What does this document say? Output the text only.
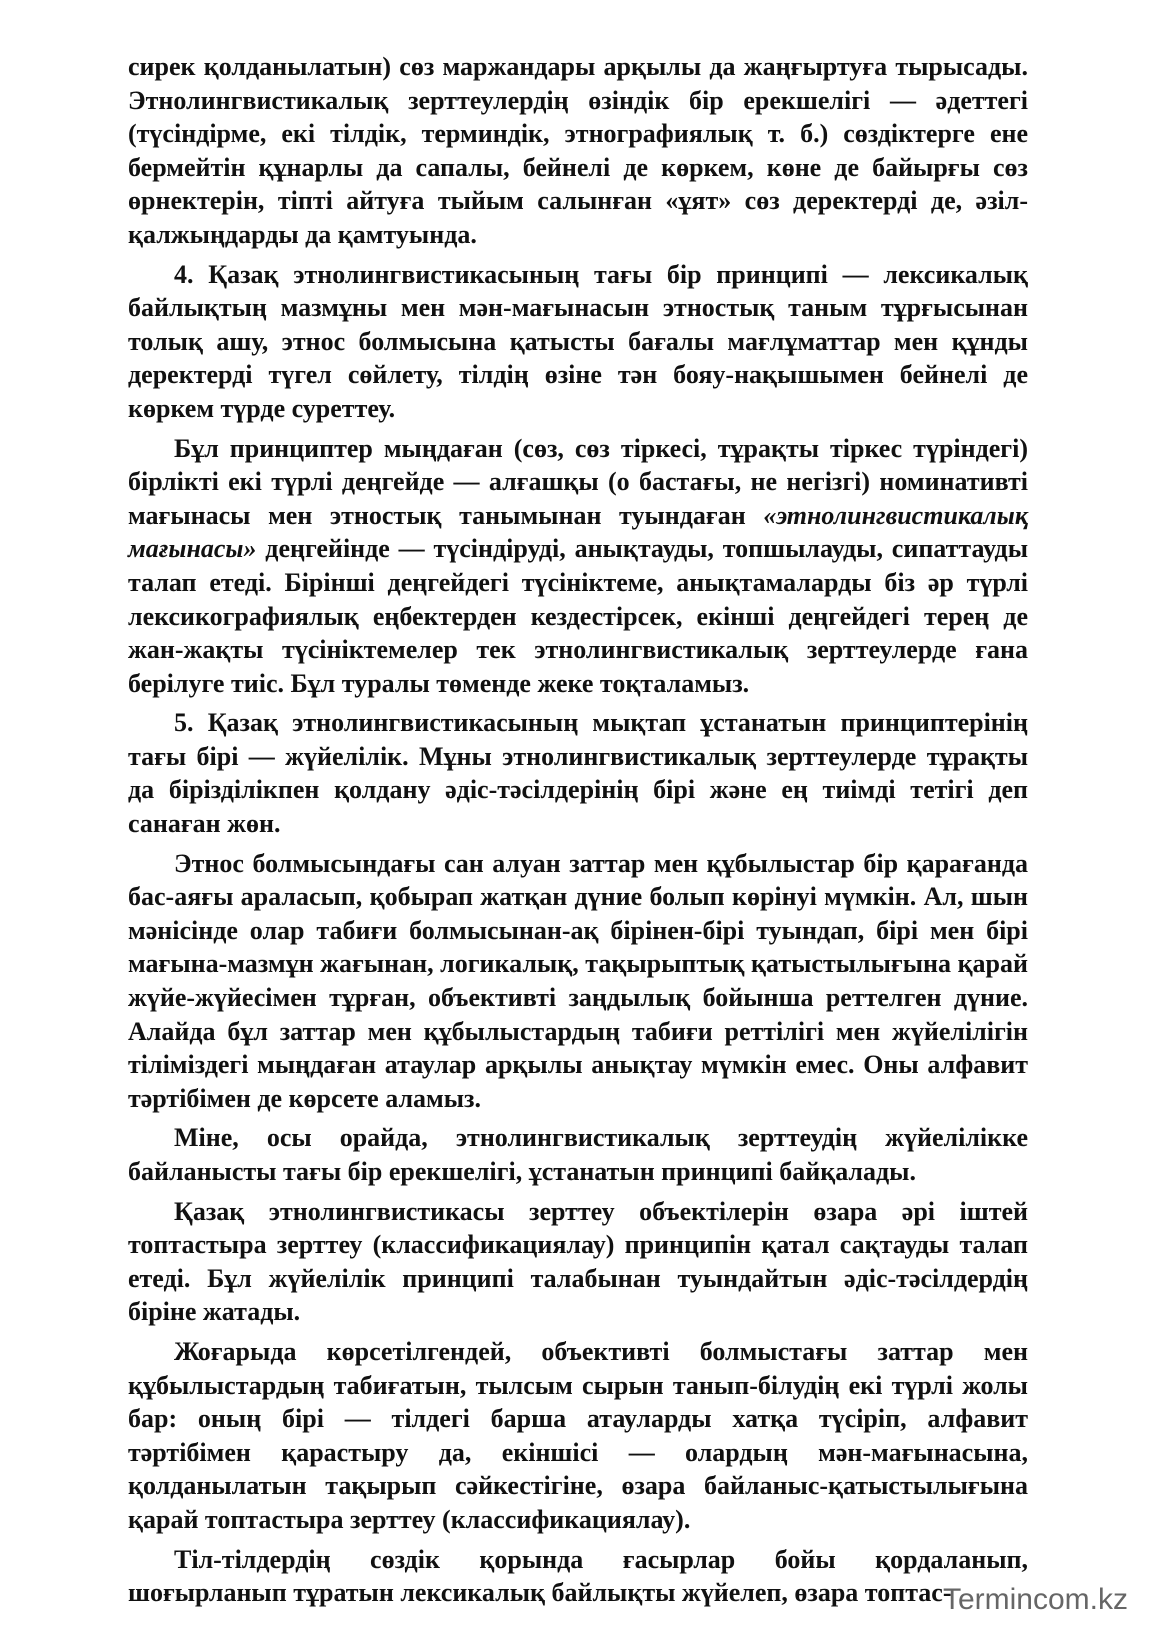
сирек қолданылатын) сөз маржандары арқылы да жаңғыртуға тырысады. Этнолингвистикалық зерттеулердің өзіндік бір ерекшелігі — әдеттегі (түсіндірме, екі тілдік, терминдік, этнографиялық т. б.) сөздіктерге ене бермейтін құнарлы да сапалы, бейнелі де көркем, көне де байырғы сөз өрнектерін, тіпті айтуға тыйым салынған «ұят» сөз деректерді де, әзіл-қалжыңдарды да қамтуында.

4. Қазақ этнолингвистикасының тағы бір принципі — лексикалық байлықтың мазмұны мен мән-мағынасын этностық таным тұрғысынан толық ашу, этнос болмысына қатысты бағалы мағлұматтар мен құнды деректерді түгел сөйлету, тілдің өзіне тән бояу-нақышымен бейнелі де көркем түрде суреттеу.

Бұл принциптер мыңдаған (сөз, сөз тіркесі, тұрақты тіркес түріндегі) бірлікті екі түрлі деңгейде — алғашқы (о бастағы, не негізгі) номинативті мағынасы мен этностық танымынан туындаған «этнолингвистикалық мағынасы» деңгейінде — түсіндіруді, анықтауды, топшылауды, сипаттауды талап етеді. Бірінші деңгейдегі түсініктеме, анықтамаларды біз әр түрлі лексикографиялық еңбектерден кездестірсек, екінші деңгейдегі терең де жан-жақты түсініктемелер тек этнолингвистикалық зерттеулерде ғана берілуге тиіс. Бұл туралы төменде жеке тоқталамыз.

5. Қазақ этнолингвистикасының мықтап ұстанатын принциптерінің тағы бірі — жүйелілік. Мұны этнолингвистикалық зерттеулерде тұрақты да бірізділікпен қолдану әдіс-тәсілдерінің бірі және ең тиімді тетігі деп санаған жөн.

Этнос болмысындағы сан алуан заттар мен құбылыстар бір қарағанда бас-аяғы араласып, қобырап жатқан дүние болып көрінуі мүмкін. Ал, шын мәнісінде олар табиғи болмысынан-ақ бірінен-бірі туындап, бірі мен бірі мағына-мазмұн жағынан, логикалық, тақырыптық қатыстылығына қарай жүйе-жүйесімен тұрған, объективті заңдылық бойынша реттелген дүние. Алайда бұл заттар мен құбылыстардың табиғи реттілігі мен жүйелілігін тіліміздегі мыңдаған атаулар арқылы анықтау мүмкін емес. Оны алфавит тәртібімен де көрсете аламыз.

Міне, осы орайда, этнолингвистикалық зерттеудің жүйелілікке байланысты тағы бір ерекшелігі, ұстанатын принципі байқалады.

Қазақ этнолингвистикасы зерттеу объектілерін өзара әрі іштей топтастыра зерттеу (классификациялау) принципін қатал сақтауды талап етеді. Бұл жүйелілік принципі талабынан туындайтын әдіс-тәсілдердің біріне жатады.

Жоғарыда көрсетілгендей, объективті болмыстағы заттар мен құбылыстардың табиғатын, тылсым сырын танып-білудің екі түрлі жолы бар: оның бірі — тілдегі барша атауларды хатқа түсіріп, алфавит тәртібімен қарастыру да, екіншісі — олардың мән-мағынасына, қолданылатын тақырып сәйкестігіне, өзара байланыс-қатыстылығына қарай топтастыра зерттеу (классификациялау).

Тіл-тілдердің сөздік қорында ғасырлар бойы қордаланып, шоғырланып тұратын лексикалық байлықты жүйелеп, өзара топтас-

Termincom.kz
